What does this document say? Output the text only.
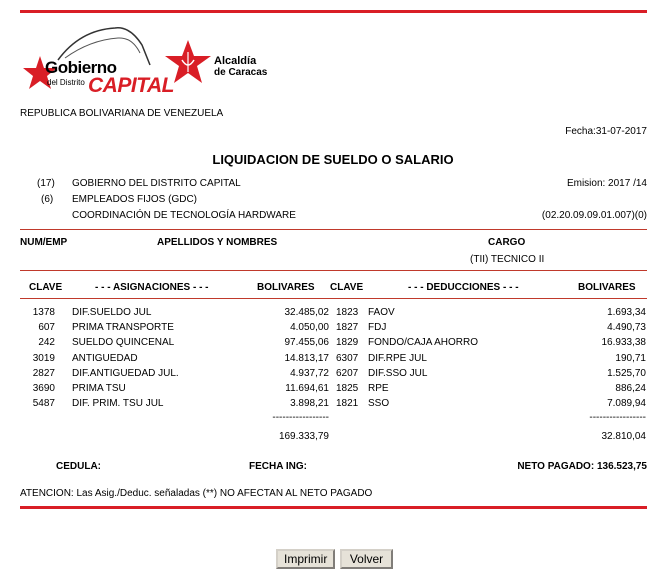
Gobierno
del Distrito CAPITAL
Alcaldía
de Caracas
REPUBLICA BOLIVARIANA DE VENEZUELA
Fecha:31-07-2017
LIQUIDACION DE SUELDO O SALARIO
(17) GOBIERNO DEL DISTRITO CAPITAL	Emision: 2017 /14
(6) EMPLEADOS FIJOS (GDC)
COORDINACIÓN DE TECNOLOGÍA HARDWARE	(02.20.09.09.01.007)(0)
NUM/EMP	APELLIDOS Y NOMBRES	CARGO
(TII) TECNICO II
CLAVE	- - - ASIGNACIONES - - -	BOLIVARES CLAVE	- - - DEDUCCIONES - - -	BOLIVARES
1378 DIF.SUELDO JUL	32.485,02 1823 FAOV	1.693,34
607 PRIMA TRANSPORTE	4.050,00 1827 FDJ	4.490,73
242 SUELDO QUINCENAL	97.455,06 1829 FONDO/CAJA AHORRO	16.933,38
3019 ANTIGUEDAD	14.813,17 6307 DIF.RPE JUL	190,71
2827 DIF.ANTIGUEDAD JUL.	4.937,72 6207 DIF.SSO JUL	1.525,70
3690 PRIMA TSU	11.694,61 1825 RPE	886,24
5487 DIF. PRIM. TSU JUL	3.898,21 1821 SSO	7.089,94
-----------------	-----------------
169.333,79	32.810,04
CEDULA:	FECHA ING:	NETO PAGADO: 136.523,75
ATENCION: Las Asig./Deduc. señaladas (**) NO AFECTAN AL NETO PAGADO
Imprimir	Volver
